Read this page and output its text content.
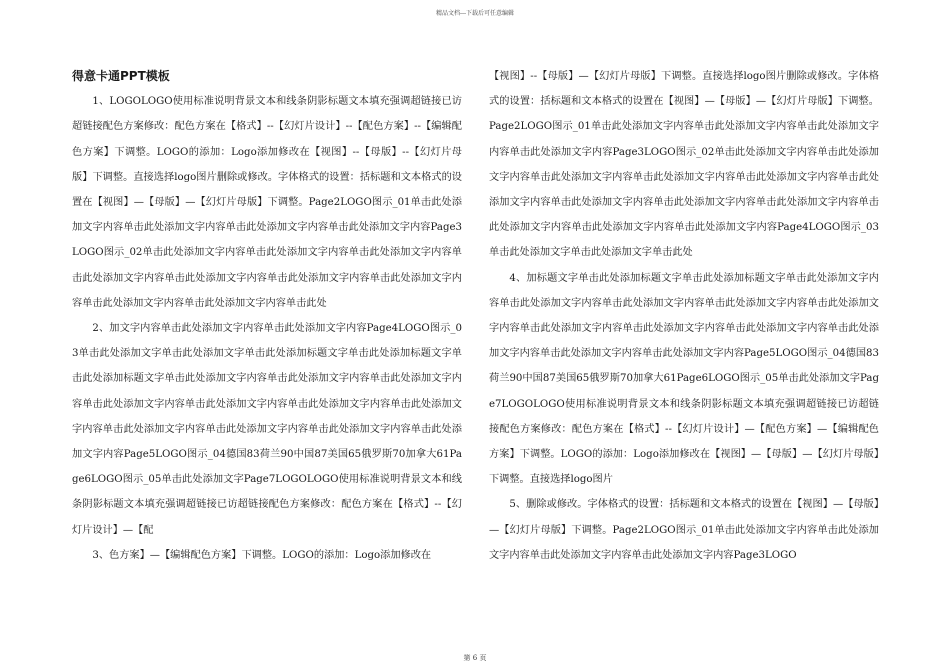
精品文档---下载后可任意编辑
得意卡通PPT模板

1、LOGOLOGO使用标准说明背景文本和线条阴影标题文本填充强调超链接已访超链接配色方案修改：配色方案在【格式】--【幻灯片设计】--【配色方案】--【编辑配色方案】下调整。LOGO的添加：Logo添加修改在【视图】--【母版】--【幻灯片母版】下调整。直接选择logo图片删除或修改。字体格式的设置：括标题和文本格式的设置在【视图】—【母版】—【幻灯片母版】下调整。Page2LOGO图示_01单击此处添加文字内容单击此处添加文字内容单击此处添加文字内容单击此处添加文字内容Page3LOGO图示_02单击此处添加文字内容单击此处添加文字内容单击此处添加文字内容单击此处添加文字内容单击此处添加文字内容单击此处添加文字内容单击此处添加文字内容单击此处添加文字内容单击此处添加文字内容单击此处

2、加文字内容单击此处添加文字内容单击此处添加文字内容Page4LOGO图示_03单击此处添加文字单击此处添加文字单击此处添加标题文字单击此处添加标题文字单击此处添加标题文字单击此处添加文字内容单击此处添加文字内容单击此处添加文字内容单击此处添加文字内容单击此处添加文字内容单击此处添加文字内容单击此处添加文字内容单击此处添加文字内容单击此处添加文字内容单击此处添加文字内容单击此处添加文字内容Page5LOGO图示_04德国83荷兰90中国87美国65俄罗斯70加拿大61Page6LOGO图示_05单击此处添加文字Page7LOGOLOGO使用标准说明背景文本和线条阴影标题文本填充强调超链接已访超链接配色方案修改：配色方案在【格式】--【幻灯片设计】—【配

3、色方案】—【编辑配色方案】下调整。LOGO的添加：Logo添加修改在

【视图】--【母版】—【幻灯片母版】下调整。直接选择logo图片删除或修改。字体格式的设置：括标题和文本格式的设置在【视图】—【母版】—【幻灯片母版】下调整。Page2LOGO图示_01单击此处添加文字内容单击此处添加文字内容单击此处添加文字内容单击此处添加文字内容Page3LOGO图示_02单击此处添加文字内容单击此处添加文字内容单击此处添加文字内容单击此处添加文字内容单击此处添加文字内容单击此处添加文字内容单击此处添加文字内容单击此处添加文字内容单击此处添加文字内容单击此处添加文字内容单击此处添加文字内容单击此处添加文字内容Page4LOGO图示_03单击此处添加文字单击此处添加文字单击此处

4、加标题文字单击此处添加标题文字单击此处添加标题文字单击此处添加文字内容单击此处添加文字内容单击此处添加文字内容单击此处添加文字内容单击此处添加文字内容单击此处添加文字内容单击此处添加文字内容单击此处添加文字内容单击此处添加文字内容单击此处添加文字内容单击此处添加文字内容Page5LOGO图示_04德国83荷兰90中国87美国65俄罗斯70加拿大61Page6LOGO图示_05单击此处添加文字Page7LOGOLOGO使用标准说明背景文本和线条阴影标题文本填充强调超链接已访超链接配色方案修改：配色方案在【格式】--【幻灯片设计】—【配色方案】—【编辑配色方案】下调整。LOGO的添加：Logo添加修改在【视图】—【母版】—【幻灯片母版】下调整。直接选择logo图片

5、删除或修改。字体格式的设置：括标题和文本格式的设置在【视图】—【母版】—【幻灯片母版】下调整。Page2LOGO图示_01单击此处添加文字内容单击此处添加文字内容单击此处添加文字内容单击此处添加文字内容Page3LOGO

第 6 页
